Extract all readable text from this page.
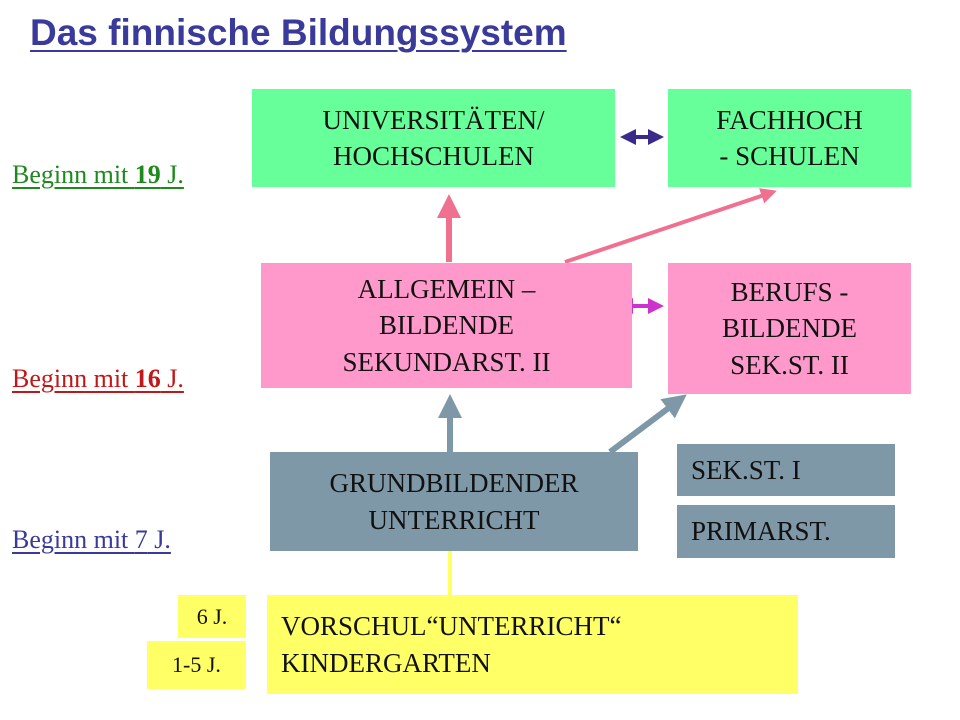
Das finnische Bildungssystem
Beginn mit 19 J.
Beginn mit 16 J.
Beginn mit 7 J.
UNIVERSITÄTEN/
HOCHSCHULEN
FACHHOCH
- SCHULEN
ALLGEMEIN –
BILDENDE
SEKUNDARST. II
BERUFS -
BILDENDE
SEK.ST. II
GRUNDBILDENDER
UNTERRICHT
SEK.ST. I
PRIMARST.
VORSCHUL“UNTERRICHT“
KINDERGARTEN
6 J.
1-5 J.
